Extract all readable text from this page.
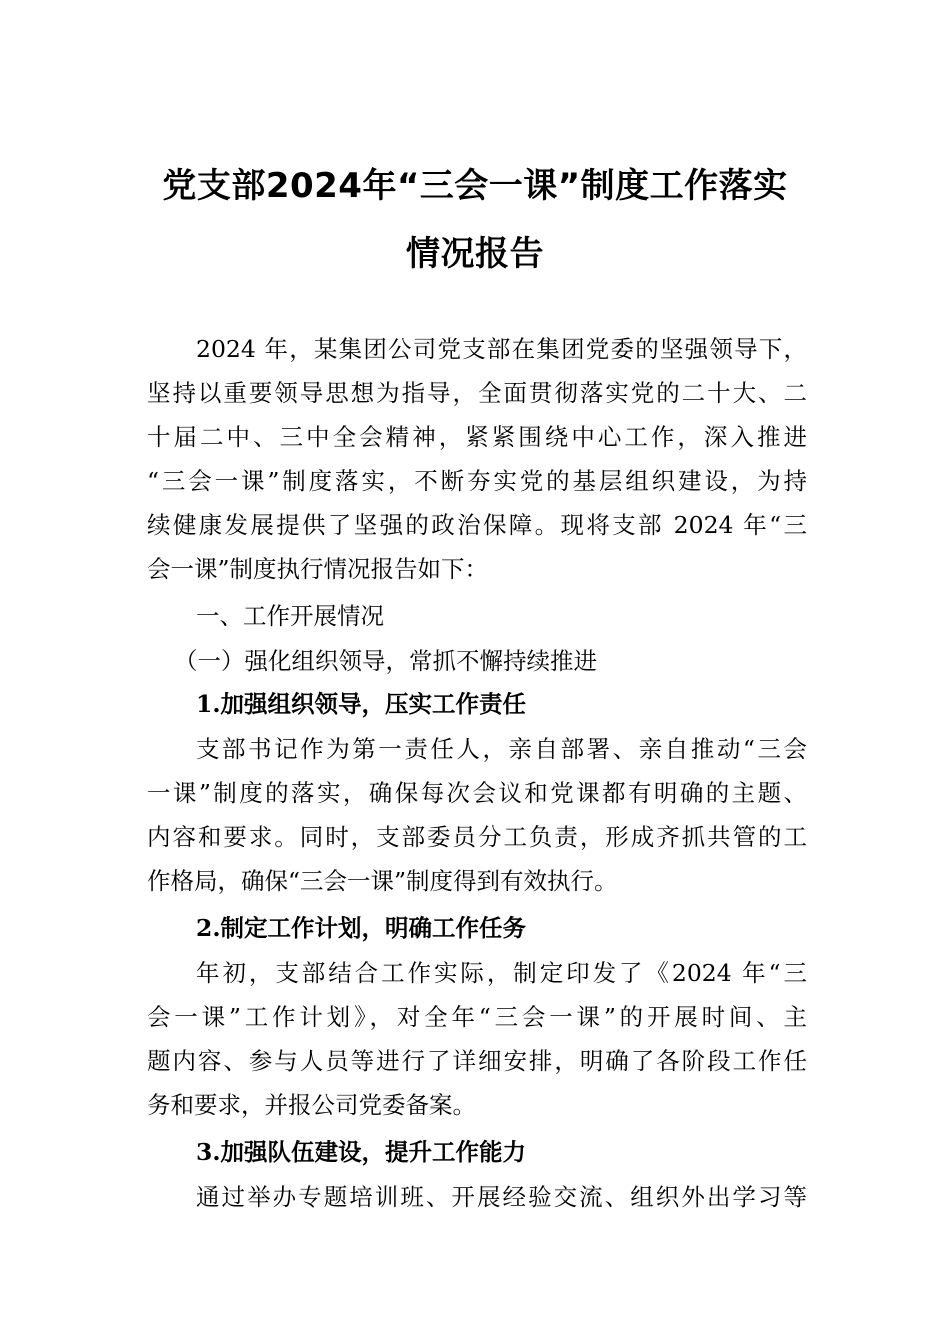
党支部2024年“三会一课”制度工作落实
情况报告
2024 年，某集团公司党支部在集团党委的坚强领导下，
坚持以重要领导思想为指导，全面贯彻落实党的二十大、二
十届二中、三中全会精神，紧紧围绕中心工作，深入推进
“三会一课”制度落实，不断夯实党的基层组织建设，为持
续健康发展提供了坚强的政治保障。现将支部 2024 年“三
会一课”制度执行情况报告如下：
一、工作开展情况
（一）强化组织领导，常抓不懈持续推进
1.加强组织领导，压实工作责任
支部书记作为第一责任人，亲自部署、亲自推动“三会
一课”制度的落实，确保每次会议和党课都有明确的主题、
内容和要求。同时，支部委员分工负责，形成齐抓共管的工
作格局，确保“三会一课”制度得到有效执行。
2.制定工作计划，明确工作任务
年初，支部结合工作实际，制定印发了《2024 年“三
会一课”工作计划》，对全年“三会一课”的开展时间、主
题内容、参与人员等进行了详细安排，明确了各阶段工作任
务和要求，并报公司党委备案。
3.加强队伍建设，提升工作能力
通过举办专题培训班、开展经验交流、组织外出学习等
